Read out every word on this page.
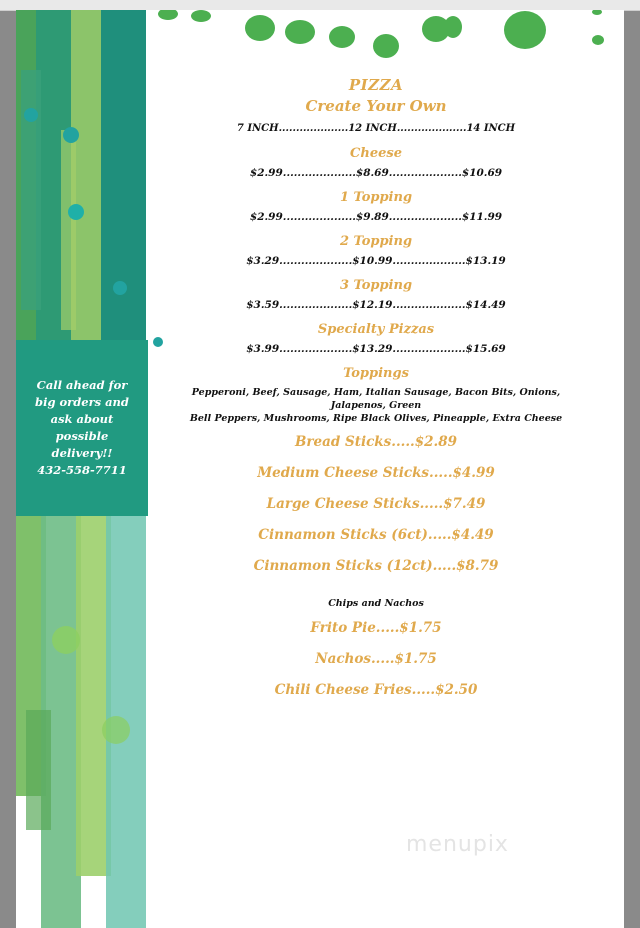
Call ahead for
big orders and
ask about
possible
delivery!!
432-558-7711
PIZZA
Create Your Own
7 INCH....................12 INCH....................14 INCH
Cheese
$2.99....................$8.69....................$10.69
1 Topping
$2.99....................$9.89....................$11.99
2 Topping
$3.29....................$10.99....................$13.19
3 Topping
$3.59....................$12.19....................$14.49
Specialty Pizzas
$3.99....................$13.29....................$15.69
Toppings
Pepperoni, Beef, Sausage, Ham, Italian Sausage, Bacon Bits, Onions, Jalapenos, Green
Bell Peppers, Mushrooms, Ripe Black Olives, Pineapple, Extra Cheese
Bread Sticks.....$2.89
Medium Cheese Sticks.....$4.99
Large Cheese Sticks.....$7.49
Cinnamon Sticks (6ct).....$4.49
Cinnamon Sticks (12ct).....$8.79
Chips and Nachos
Frito Pie.....$1.75
Nachos.....$1.75
Chili Cheese Fries.....$2.50
menupix
